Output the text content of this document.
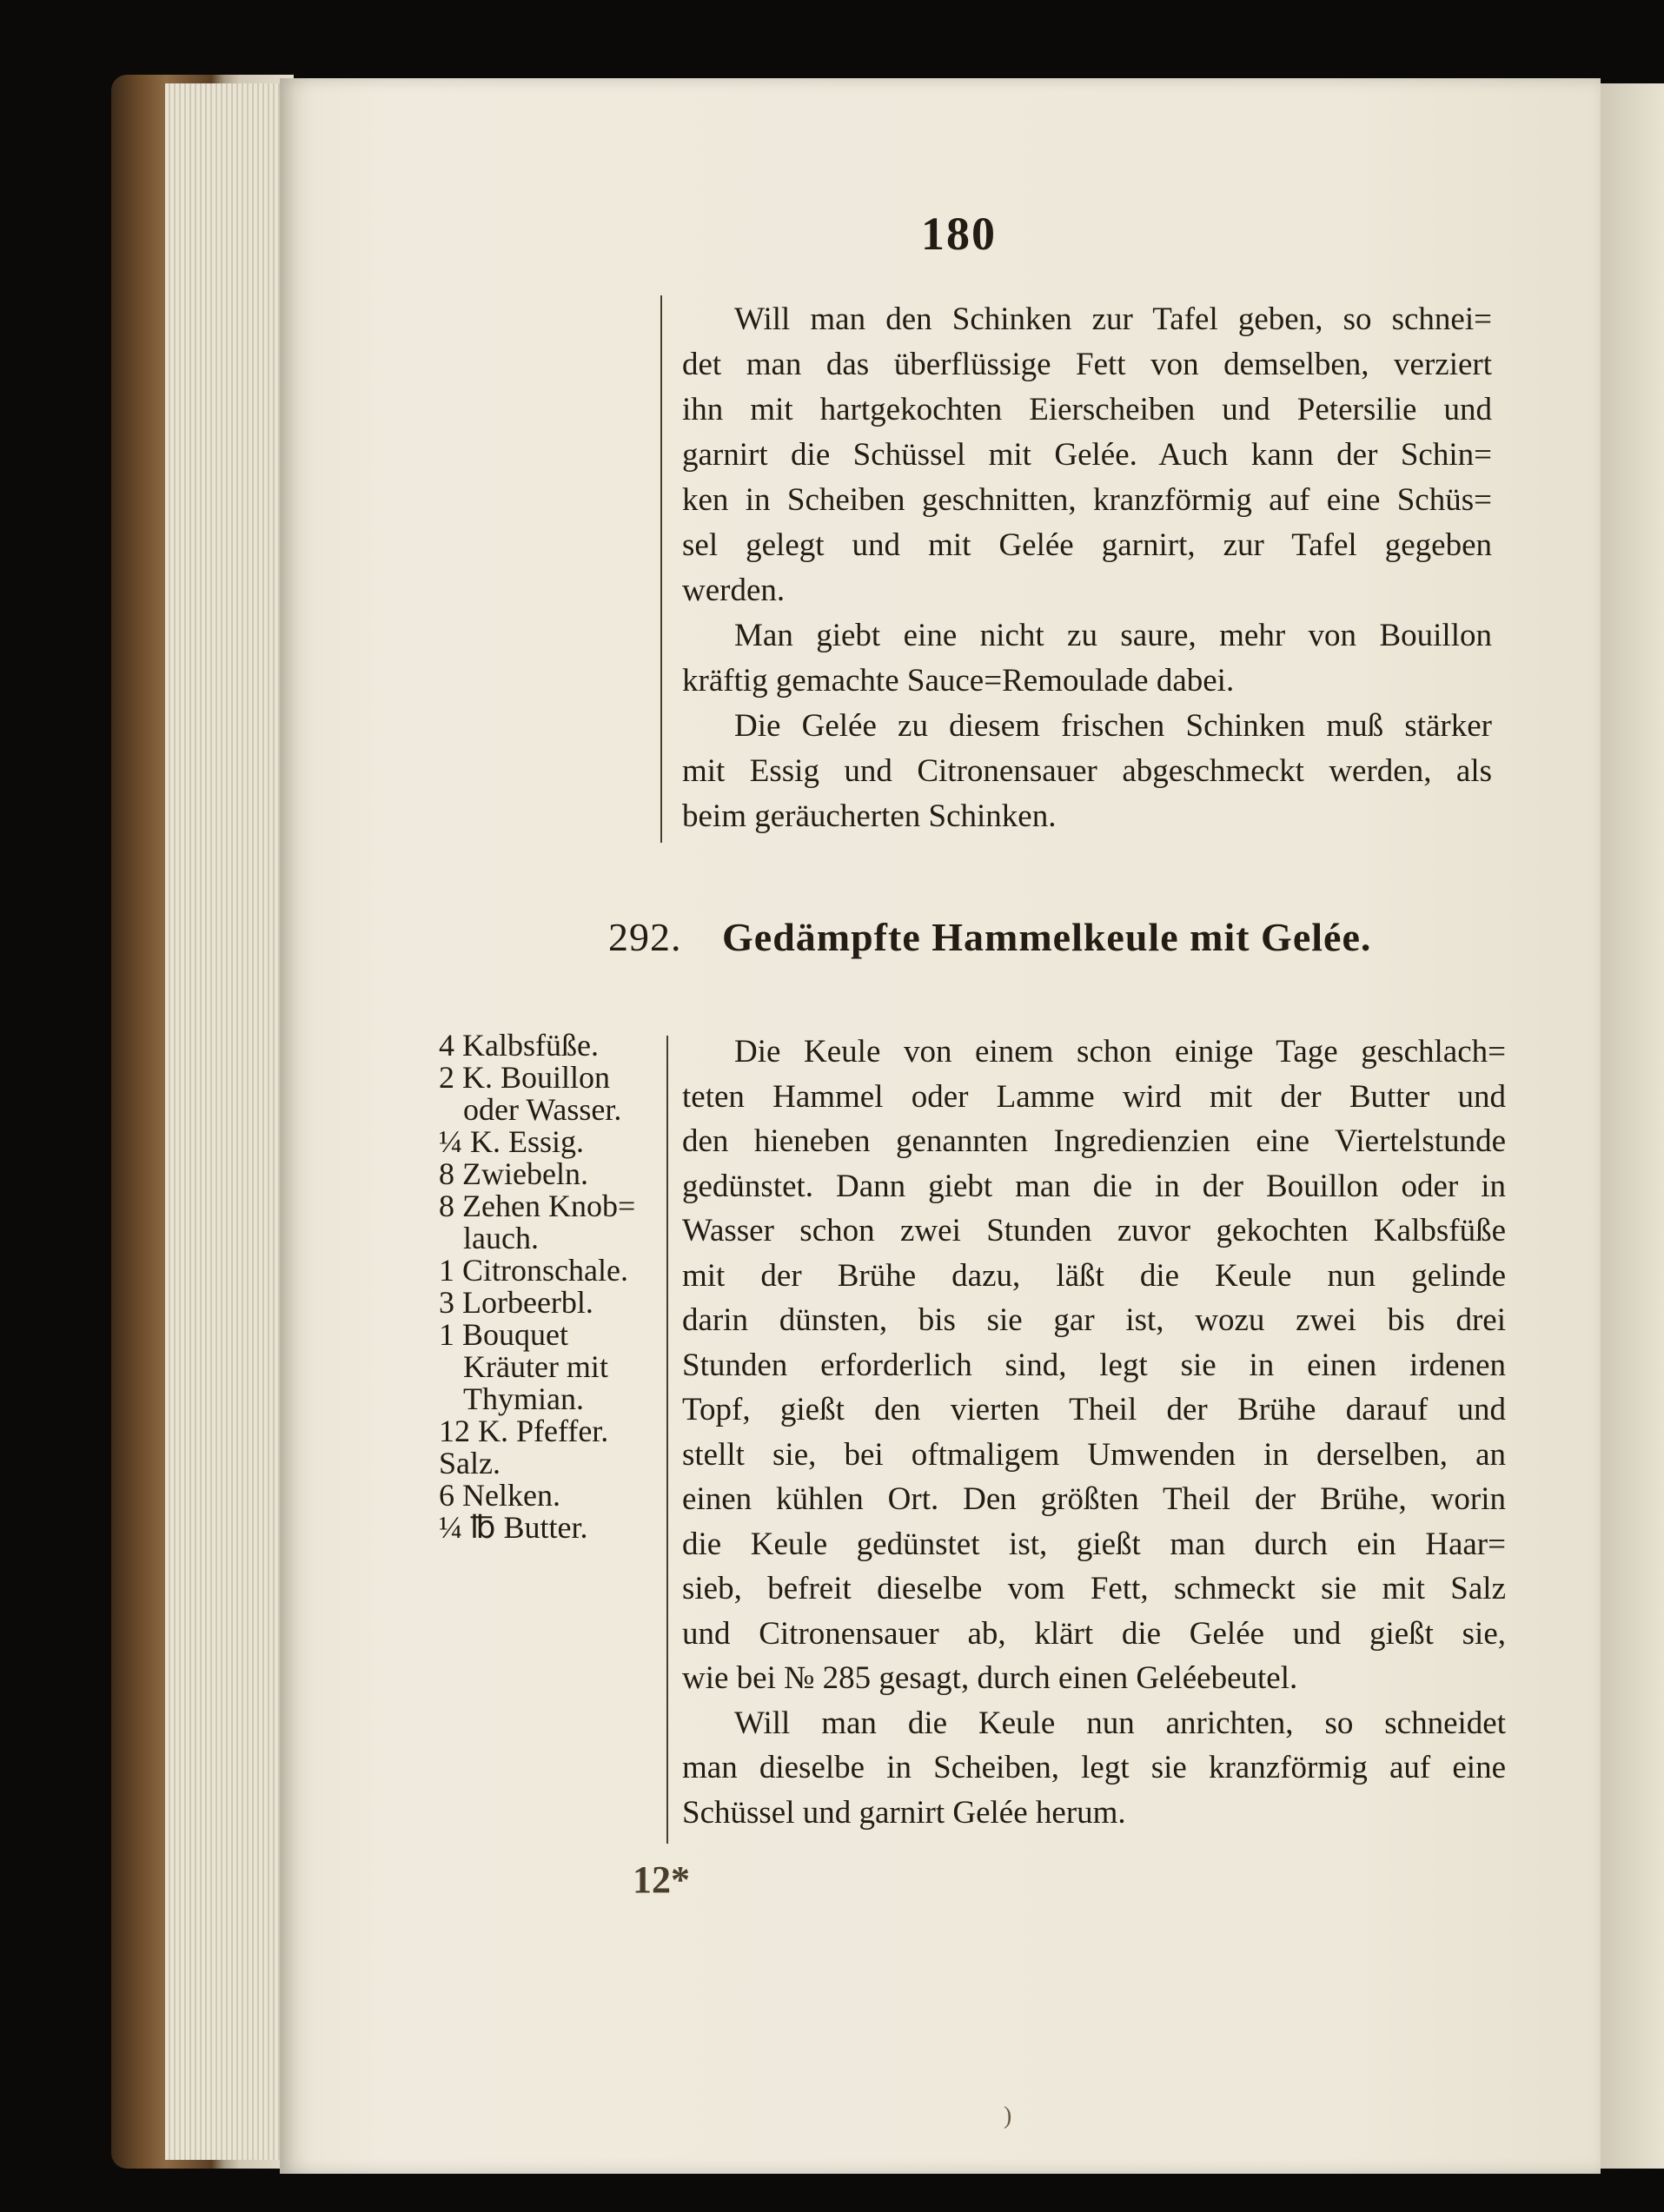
180

Will man den Schinken zur Tafel geben, so schnei=
det man das überflüssige Fett von demselben, verziert
ihn mit hartgekochten Eierscheiben und Petersilie und
garnirt die Schüssel mit Gelée. Auch kann der Schin=
ken in Scheiben geschnitten, kranzförmig auf eine Schüs=
sel gelegt und mit Gelée garnirt, zur Tafel gegeben
werden.

Man giebt eine nicht zu saure, mehr von Bouillon
kräftig gemachte Sauce=Remoulade dabei.

Die Gelée zu diesem frischen Schinken muß stärker
mit Essig und Citronensauer abgeschmeckt werden, als
beim geräucherten Schinken.

292. Gedämpfte Hammelkeule mit Gelée.
4 Kalbsfüße.
2 K. Bouillon
oder Wasser.
¼ K. Essig.
8 Zwiebeln.
8 Zehen Knob=
lauch.
1 Citronschale.
3 Lorbeerbl.
1 Bouquet
Kräuter mit
Thymian.
12 K. Pfeffer.
Salz.
6 Nelken.
¼ ℔ Butter.

Die Keule von einem schon einige Tage geschlach=
teten Hammel oder Lamme wird mit der Butter und
den hieneben genannten Ingredienzien eine Viertelstunde
gedünstet. Dann giebt man die in der Bouillon oder in
Wasser schon zwei Stunden zuvor gekochten Kalbsfüße
mit der Brühe dazu, läßt die Keule nun gelinde
darin dünsten, bis sie gar ist, wozu zwei bis drei
Stunden erforderlich sind, legt sie in einen irdenen
Topf, gießt den vierten Theil der Brühe darauf und
stellt sie, bei oftmaligem Umwenden in derselben, an
einen kühlen Ort. Den größten Theil der Brühe, worin
die Keule gedünstet ist, gießt man durch ein Haar=
sieb, befreit dieselbe vom Fett, schmeckt sie mit Salz
und Citronensauer ab, klärt die Gelée und gießt sie,
wie bei № 285 gesagt, durch einen Geléebeutel.

Will man die Keule nun anrichten, so schneidet
man dieselbe in Scheiben, legt sie kranzförmig auf eine
Schüssel und garnirt Gelée herum.

12*
)
